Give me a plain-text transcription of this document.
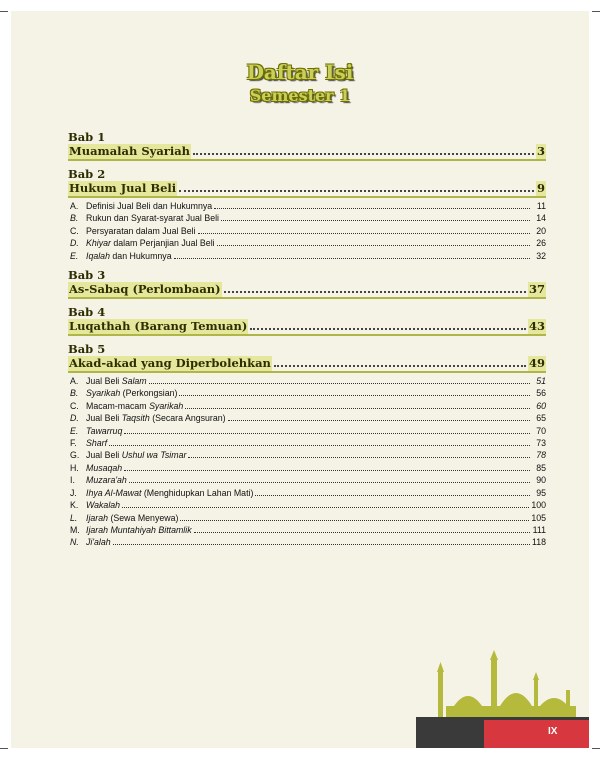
Daftar Isi
Semester 1
Bab 1
Muamalah Syariah	3
Bab 2
Hukum Jual Beli	9
A. Definisi Jual Beli dan Hukumnya	11
B. Rukun dan Syarat-syarat Jual Beli	14
C. Persyaratan dalam Jual Beli	20
D. Khiyar dalam Perjanjian Jual Beli	26
E. Iqalah dan Hukumnya	32
Bab 3
As-Sabaq (Perlombaan)	37
Bab 4
Luqathah (Barang Temuan)	43
Bab 5
Akad-akad yang Diperbolehkan	49
A. Jual Beli Salam	51
B. Syarikah (Perkongsian)	56
C. Macam-macam Syarikah	60
D. Jual Beli Taqsith (Secara Angsuran)	65
E. Tawarruq	70
F.	Sharf	73
G. Jual Beli Ushul wa Tsimar	78
H. Musaqah	85
I.	Muzara'ah	90
J.	Ihya Al-Mawat (Menghidupkan Lahan Mati)	95
K. Wakalah	100
L. Ijarah (Sewa Menyewa)	105
M. Ijarah Muntahiyah Bittamlik	111
N. Ji'alah	118
IX
